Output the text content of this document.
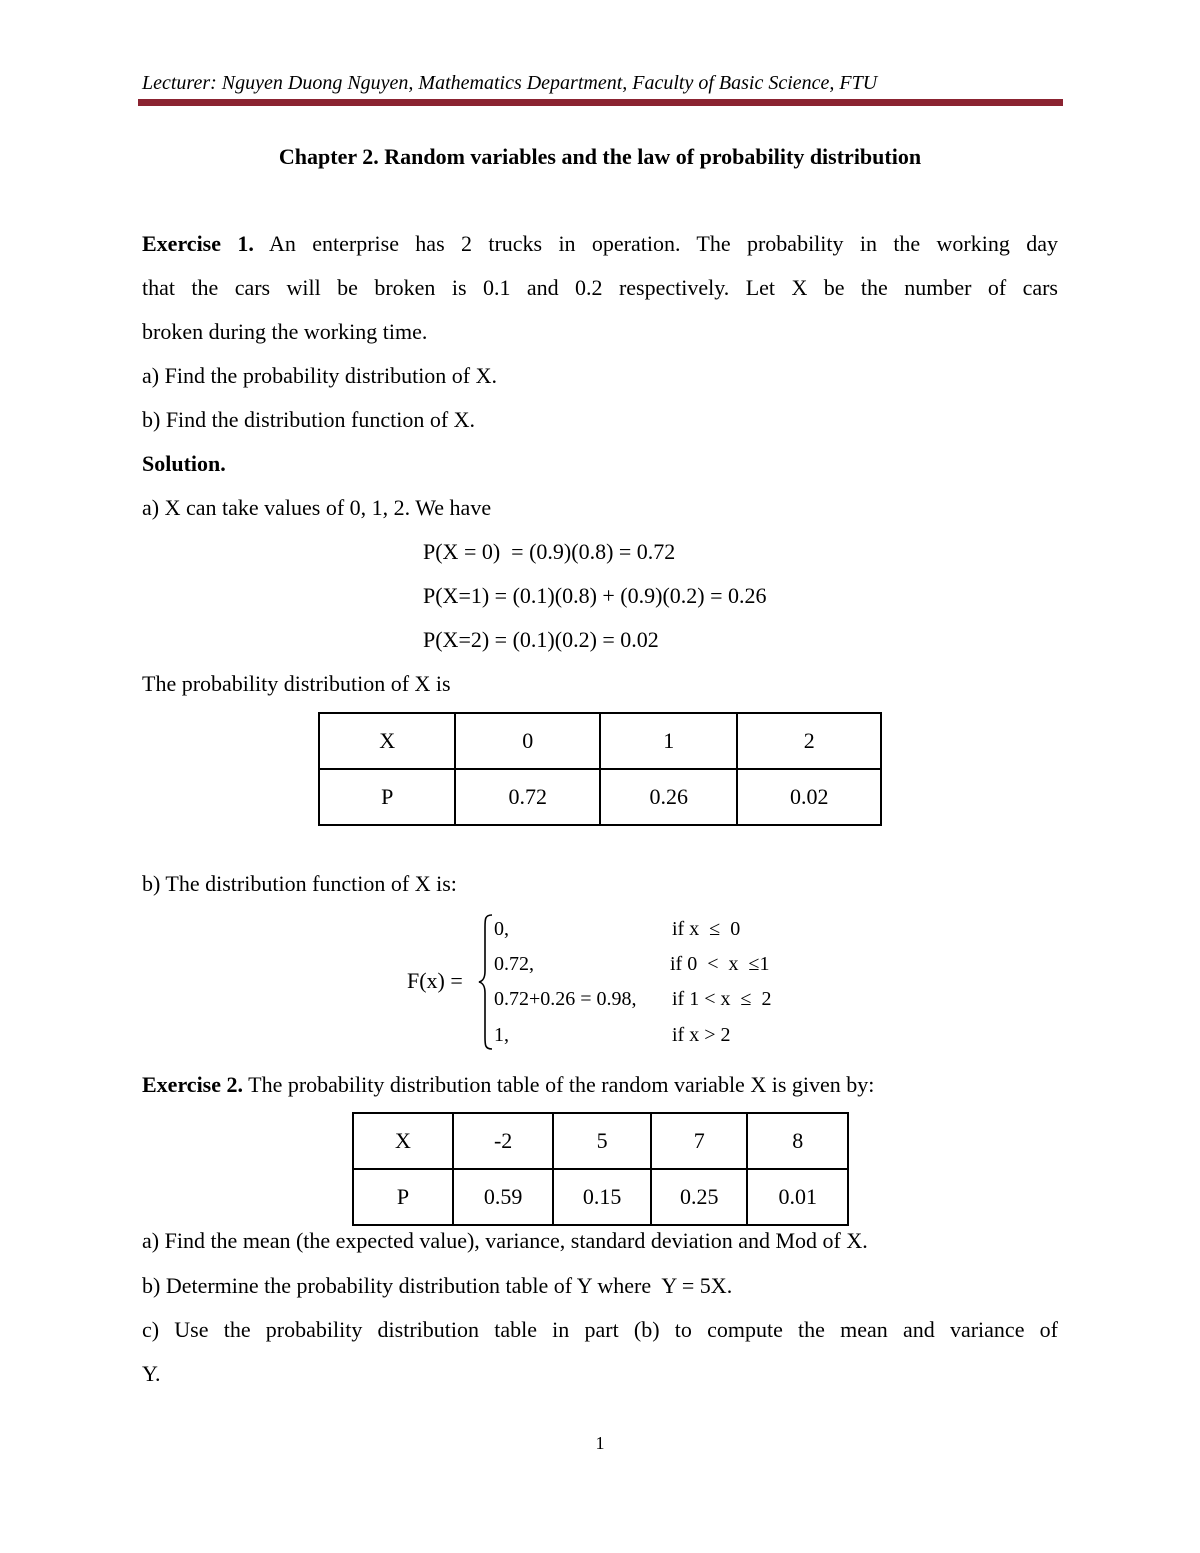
Lecturer: Nguyen Duong Nguyen, Mathematics Department, Faculty of Basic Science, FTU
Chapter 2. Random variables and the law of probability distribution
Exercise 1. An enterprise has 2 trucks in operation. The probability in the working day
that the cars will be broken is 0.1 and 0.2 respectively. Let X be the number of cars
broken during the working time.
a) Find the probability distribution of X.
b) Find the distribution function of X.
Solution.
a) X can take values of 0, 1, 2. We have
P(X = 0)  = (0.9)(0.8) = 0.72
P(X=1) = (0.1)(0.8) + (0.9)(0.2) = 0.26
P(X=2) = (0.1)(0.2) = 0.02
The probability distribution of X is
X	0	1	2
P	0.72	0.26	0.02
b) The distribution function of X is:
F(x) =
0,	if x  ≤  0
0.72,	if 0  <  x  ≤1
0.72+0.26 = 0.98, if 1 < x  ≤  2
1,	if x > 2
Exercise 2. The probability distribution table of the random variable X is given by:
X	-2	5	7	8
P	0.59	0.15	0.25	0.01
a) Find the mean (the expected value), variance, standard deviation and Mod of X.
b) Determine the probability distribution table of Y where Y = 5X.
c) Use the probability distribution table in part (b) to compute the mean and variance of
Y.
1
